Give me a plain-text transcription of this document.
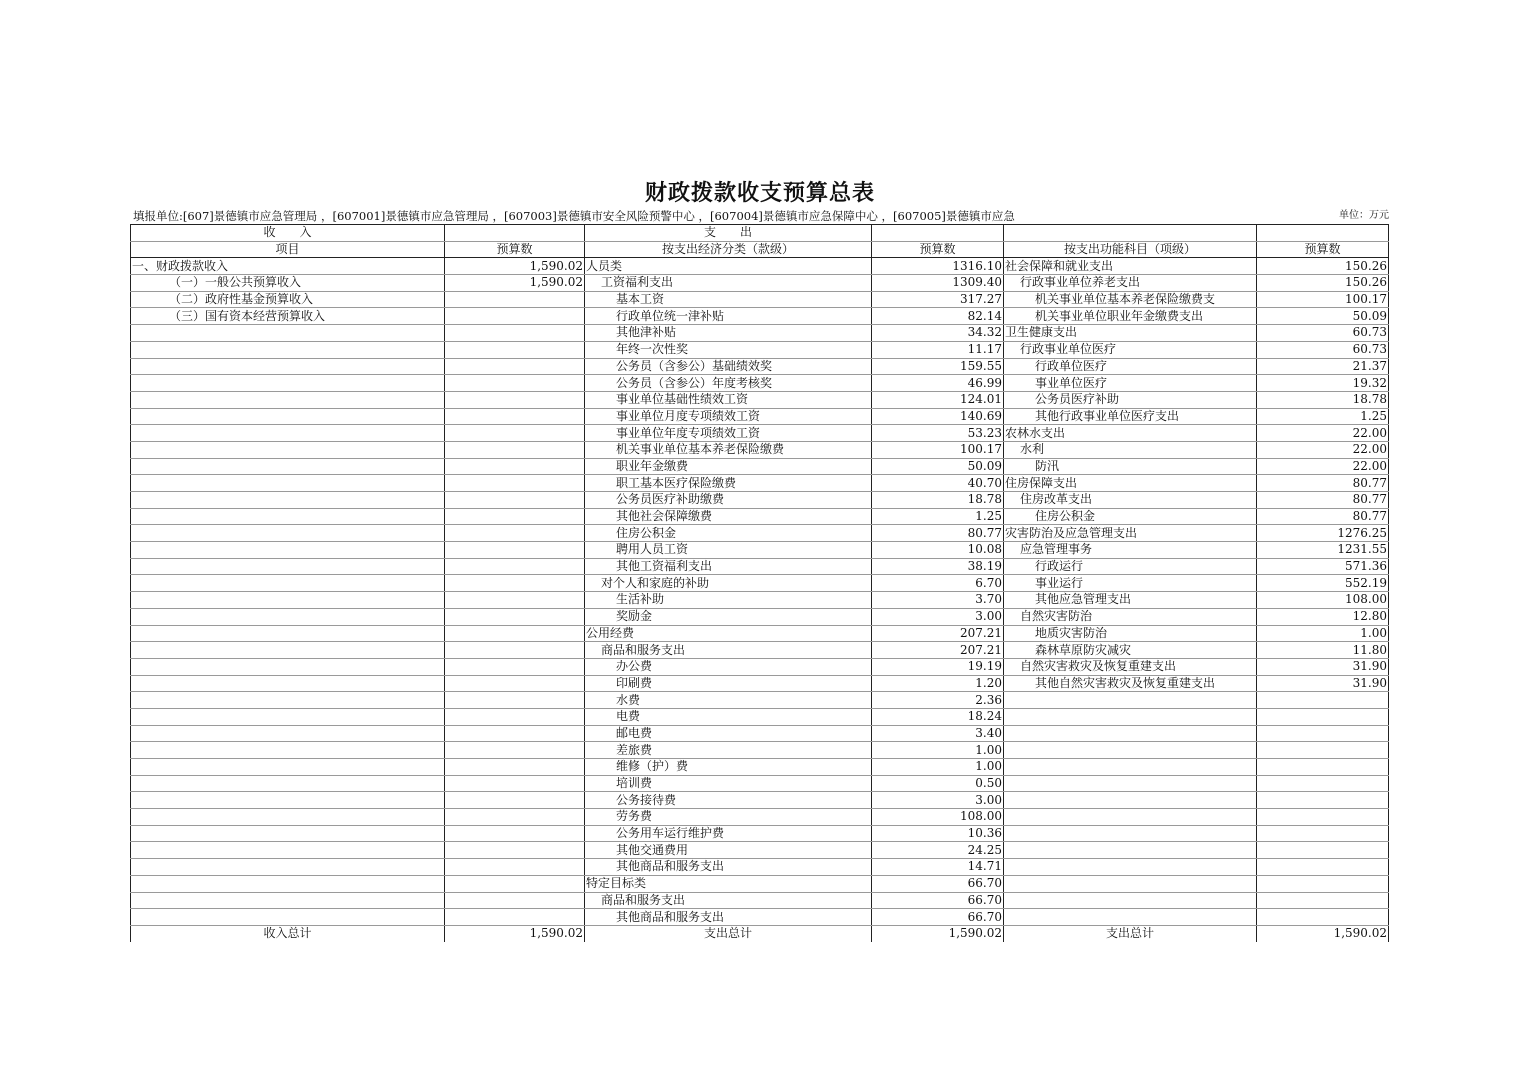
财政拨款收支预算总表
填报单位:[607]景德镇市应急管理局 ，[607001]景德镇市应急管理局 ，[607003]景德镇市安全风险预警中心 ，[607004]景德镇市应急保障中心 ，[607005]景德镇市应急	单位：万元
收　　入		支　　出			
项目	预算数	按支出经济分类（款级）	预算数	按支出功能科目（项级）	预算数
一、财政拨款收入	1,590.02	人员类	1316.10	社会保障和就业支出	150.26
（一）一般公共预算收入	1,590.02	工资福利支出	1309.40	行政事业单位养老支出	150.26
（二）政府性基金预算收入		基本工资	317.27	机关事业单位基本养老保险缴费支	100.17
（三）国有资本经营预算收入		行政单位统一津补贴	82.14	机关事业单位职业年金缴费支出	50.09
		其他津补贴	34.32	卫生健康支出	60.73
		年终一次性奖	11.17	行政事业单位医疗	60.73
		公务员（含参公）基础绩效奖	159.55	行政单位医疗	21.37
		公务员（含参公）年度考核奖	46.99	事业单位医疗	19.32
		事业单位基础性绩效工资	124.01	公务员医疗补助	18.78
		事业单位月度专项绩效工资	140.69	其他行政事业单位医疗支出	1.25
		事业单位年度专项绩效工资	53.23	农林水支出	22.00
		机关事业单位基本养老保险缴费	100.17	水利	22.00
		职业年金缴费	50.09	防汛	22.00
		职工基本医疗保险缴费	40.70	住房保障支出	80.77
		公务员医疗补助缴费	18.78	住房改革支出	80.77
		其他社会保障缴费	1.25	住房公积金	80.77
		住房公积金	80.77	灾害防治及应急管理支出	1276.25
		聘用人员工资	10.08	应急管理事务	1231.55
		其他工资福利支出	38.19	行政运行	571.36
		对个人和家庭的补助	6.70	事业运行	552.19
		生活补助	3.70	其他应急管理支出	108.00
		奖励金	3.00	自然灾害防治	12.80
		公用经费	207.21	地质灾害防治	1.00
		商品和服务支出	207.21	森林草原防灾减灾	11.80
		办公费	19.19	自然灾害救灾及恢复重建支出	31.90
		印刷费	1.20	其他自然灾害救灾及恢复重建支出	31.90
		水费	2.36		
		电费	18.24		
		邮电费	3.40		
		差旅费	1.00		
		维修（护）费	1.00		
		培训费	0.50		
		公务接待费	3.00		
		劳务费	108.00		
		公务用车运行维护费	10.36		
		其他交通费用	24.25		
		其他商品和服务支出	14.71		
		特定目标类	66.70		
		商品和服务支出	66.70		
		其他商品和服务支出	66.70		
收入总计	1,590.02	支出总计	1,590.02	支出总计	1,590.02
